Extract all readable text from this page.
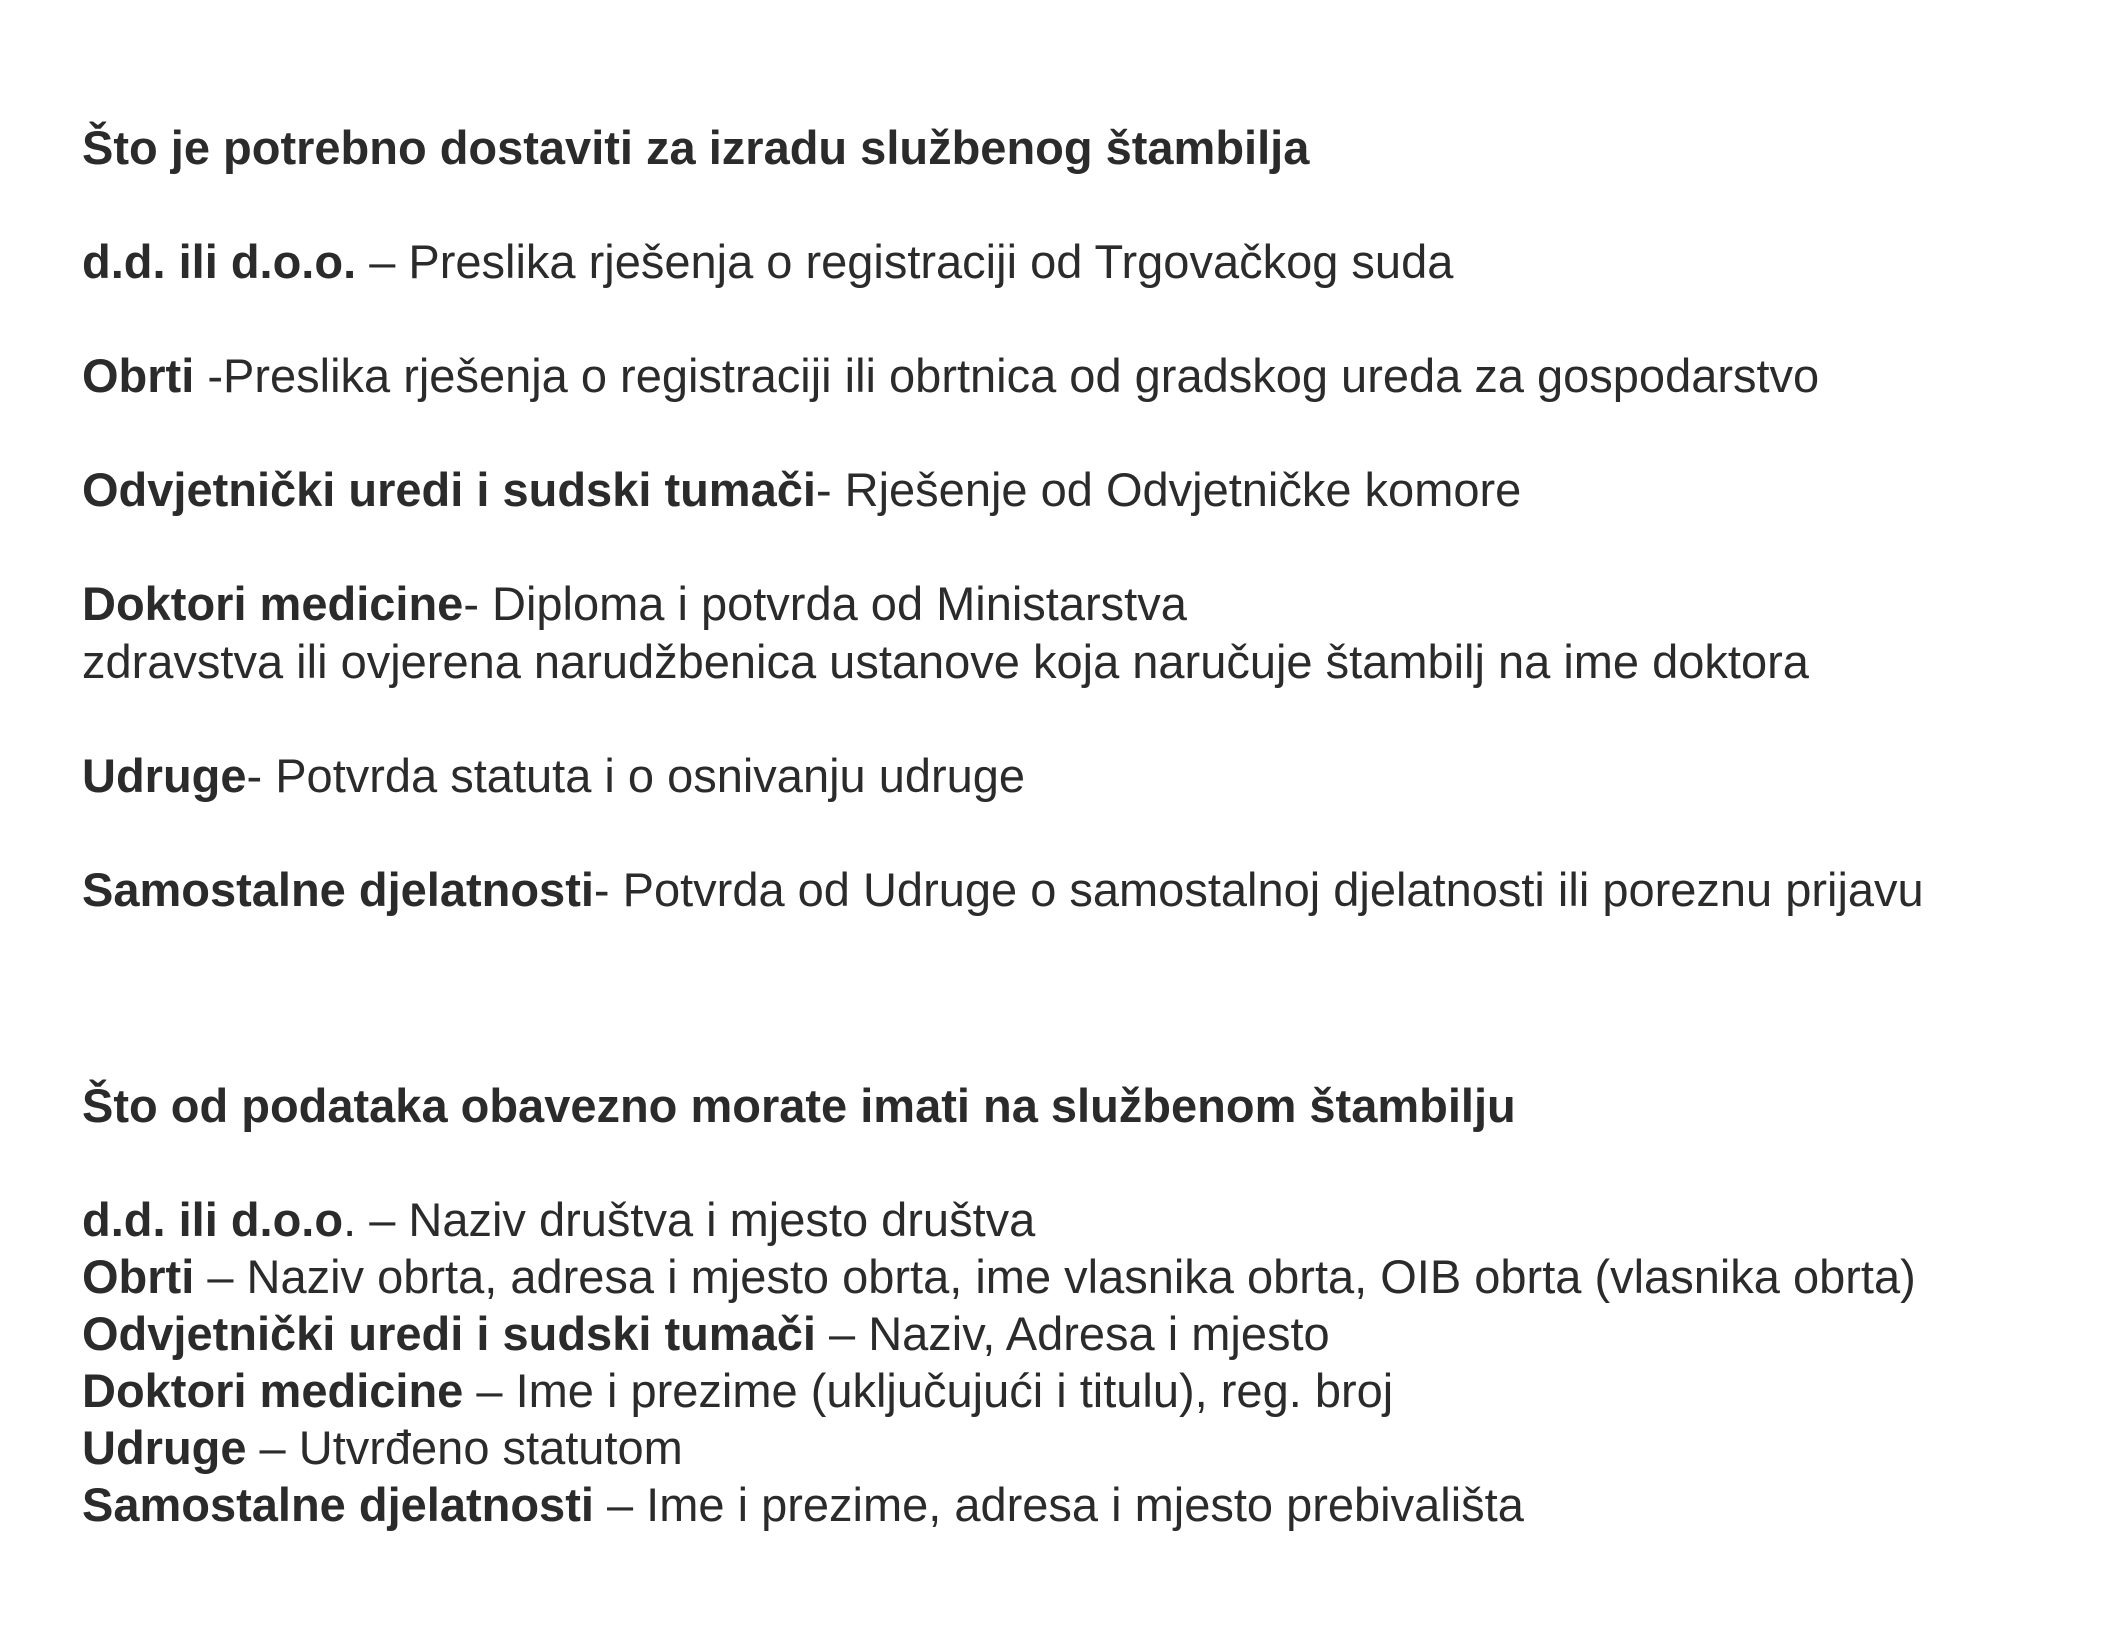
Što je potrebno dostaviti za izradu službenog štambilja
d.d. ili d.o.o. – Preslika rješenja o registraciji od Trgovačkog suda
Obrti -Preslika rješenja o registraciji ili obrtnica od gradskog ureda za gospodarstvo
Odvjetnički uredi i sudski tumači- Rješenje od Odvjetničke komore
Doktori medicine- Diploma i potvrda od Ministarstva
zdravstva ili ovjerena narudžbenica ustanove koja naručuje štambilj na ime doktora
Udruge- Potvrda statuta i o osnivanju udruge
Samostalne djelatnosti- Potvrda od Udruge o samostalnoj djelatnosti ili poreznu prijavu
Što od podataka obavezno morate imati na službenom štambilju
d.d. ili d.o.o. – Naziv društva i mjesto društva
Obrti – Naziv obrta, adresa i mjesto obrta, ime vlasnika obrta, OIB obrta (vlasnika obrta)
Odvjetnički uredi i sudski tumači – Naziv, Adresa i mjesto
Doktori medicine – Ime i prezime (uključujući i titulu), reg. broj
Udruge – Utvrđeno statutom
Samostalne djelatnosti – Ime i prezime, adresa i mjesto prebivališta
